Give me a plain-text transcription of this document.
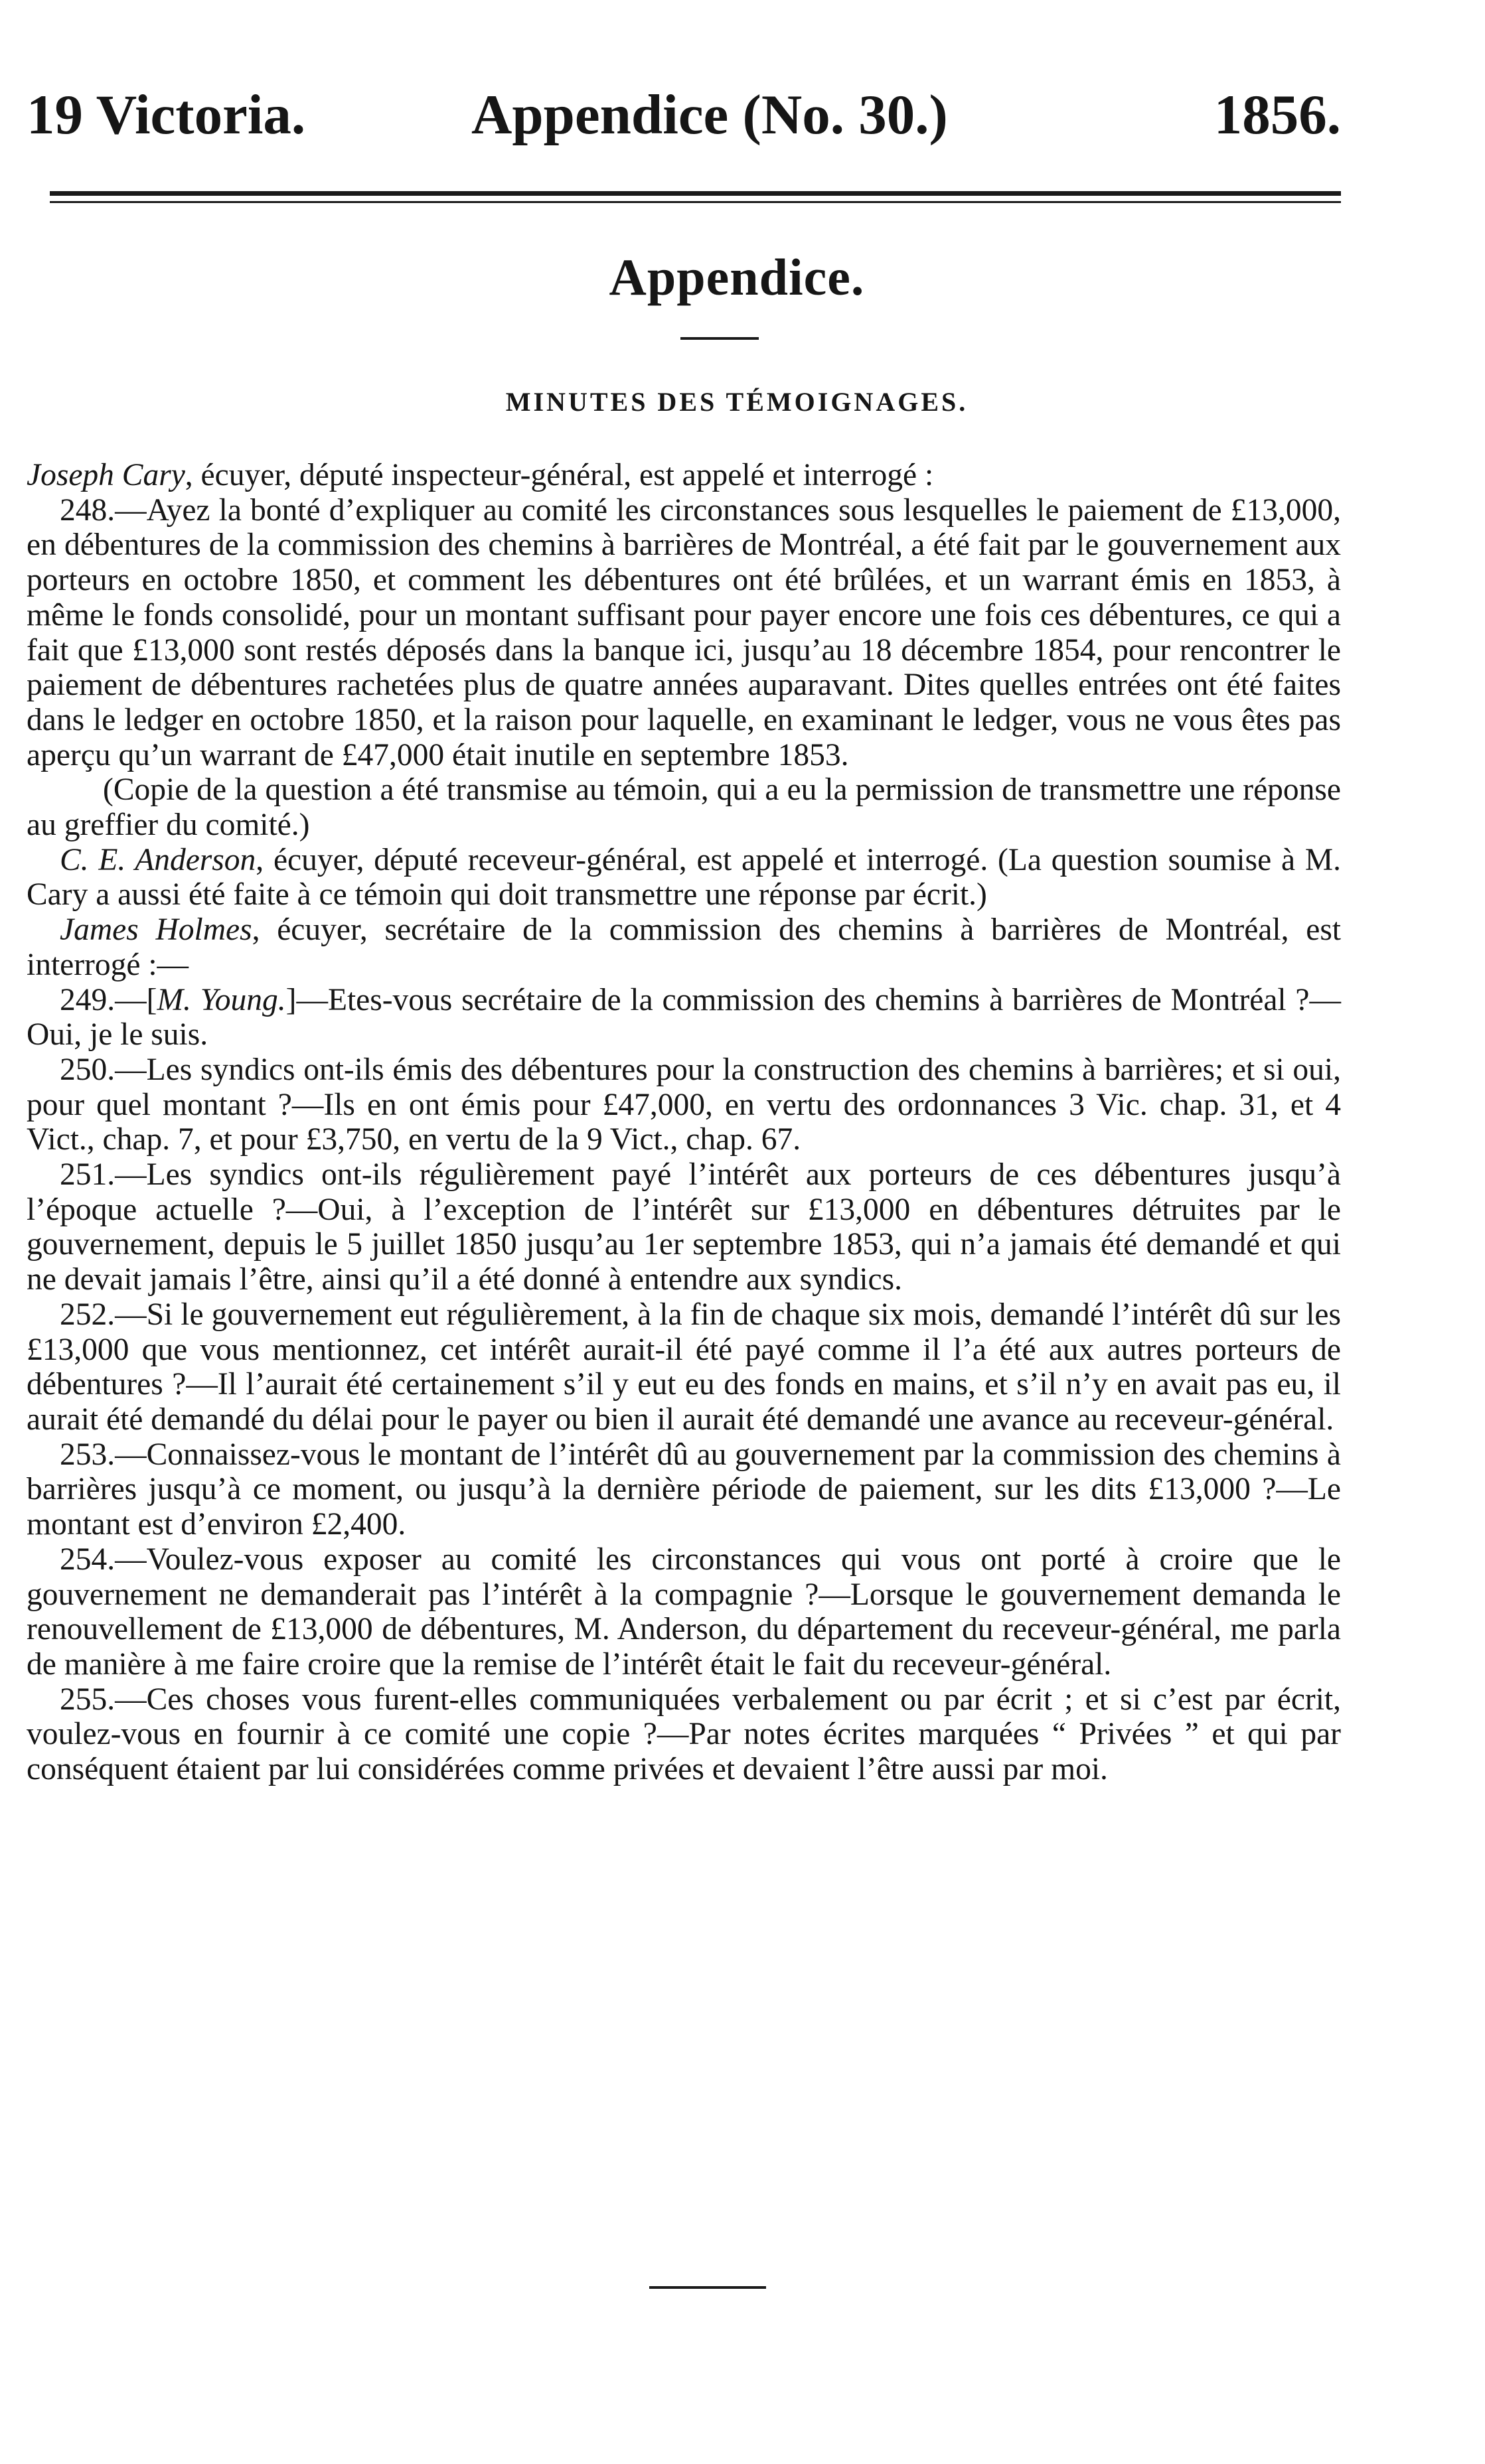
19 Victoria.	Appendice (No. 30.)	1856.
Appendice.
MINUTES DES TÉMOIGNAGES.

Joseph Cary, écuyer, député inspecteur-général, est appelé et interrogé :

248.—Ayez la bonté d’expliquer au comité les circonstances sous lesquelles le paiement de £13,000, en débentures de la commission des chemins à barrières de Montréal, a été fait par le gouvernement aux porteurs en octobre 1850, et comment les débentures ont été brûlées, et un warrant émis en 1853, à même le fonds consolidé, pour un montant suffisant pour payer encore une fois ces débentures, ce qui a fait que £13,000 sont restés déposés dans la banque ici, jusqu’au 18 décembre 1854, pour rencontrer le paiement de débentures rachetées plus de quatre années auparavant. Dites quelles entrées ont été faites dans le ledger en octobre 1850, et la raison pour laquelle, en examinant le ledger, vous ne vous êtes pas aperçu qu’un warrant de £47,000 était inutile en septembre 1853.

(Copie de la question a été transmise au témoin, qui a eu la permission de transmettre une réponse au greffier du comité.)

C. E. Anderson, écuyer, député receveur-général, est appelé et interrogé. (La question soumise à M. Cary a aussi été faite à ce témoin qui doit transmettre une réponse par écrit.)

James Holmes, écuyer, secrétaire de la commission des chemins à barrières de Montréal, est interrogé :—

249.—[M. Young.]—Etes-vous secrétaire de la commission des chemins à barrières de Montréal ?—Oui, je le suis.

250.—Les syndics ont-ils émis des débentures pour la construction des chemins à barrières; et si oui, pour quel montant ?—Ils en ont émis pour £47,000, en vertu des ordonnances 3 Vic. chap. 31, et 4 Vict., chap. 7, et pour £3,750, en vertu de la 9 Vict., chap. 67.

251.—Les syndics ont-ils régulièrement payé l’intérêt aux porteurs de ces débentures jusqu’à l’époque actuelle ?—Oui, à l’exception de l’intérêt sur £13,000 en débentures détruites par le gouvernement, depuis le 5 juillet 1850 jusqu’au 1er septembre 1853, qui n’a jamais été demandé et qui ne devait jamais l’être, ainsi qu’il a été donné à entendre aux syndics.

252.—Si le gouvernement eut régulièrement, à la fin de chaque six mois, demandé l’intérêt dû sur les £13,000 que vous mentionnez, cet intérêt aurait-il été payé comme il l’a été aux autres porteurs de débentures ?—Il l’aurait été certainement s’il y eut eu des fonds en mains, et s’il n’y en avait pas eu, il aurait été demandé du délai pour le payer ou bien il aurait été demandé une avance au receveur-général.

253.—Connaissez-vous le montant de l’intérêt dû au gouvernement par la commission des chemins à barrières jusqu’à ce moment, ou jusqu’à la dernière période de paiement, sur les dits £13,000 ?—Le montant est d’environ £2,400.

254.—Voulez-vous exposer au comité les circonstances qui vous ont porté à croire que le gouvernement ne demanderait pas l’intérêt à la compagnie ?—Lorsque le gouvernement demanda le renouvellement de £13,000 de débentures, M. Anderson, du département du receveur-général, me parla de manière à me faire croire que la remise de l’intérêt était le fait du receveur-général.

255.—Ces choses vous furent-elles communiquées verbalement ou par écrit ; et si c’est par écrit, voulez-vous en fournir à ce comité une copie ?—Par notes écrites marquées “ Privées ” et qui par conséquent étaient par lui considérées comme privées et devaient l’être aussi par moi.
